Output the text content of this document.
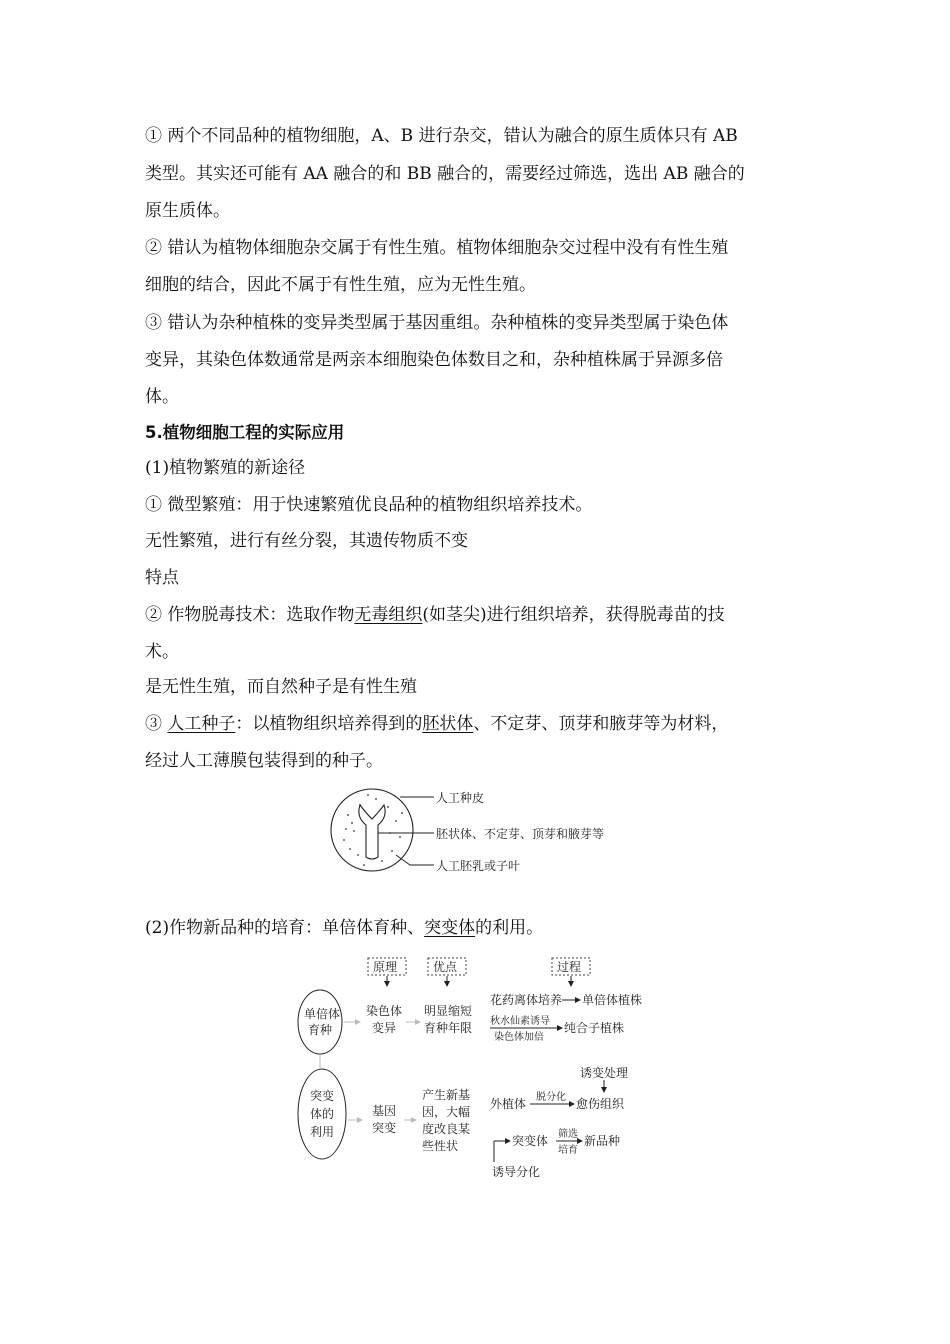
① 两个不同品种的植物细胞，A、B 进行杂交，错认为融合的原生质体只有 AB
类型。其实还可能有 AA 融合的和 BB 融合的，需要经过筛选，选出 AB 融合的
原生质体。
② 错认为植物体细胞杂交属于有性生殖。植物体细胞杂交过程中没有有性生殖
细胞的结合，因此不属于有性生殖，应为无性生殖。
③ 错认为杂种植株的变异类型属于基因重组。杂种植株的变异类型属于染色体
变异，其染色体数通常是两亲本细胞染色体数目之和，杂种植株属于异源多倍
体。
5.植物细胞工程的实际应用
(1)植物繁殖的新途径
① 微型繁殖：用于快速繁殖优良品种的植物组织培养技术。
无性繁殖，进行有丝分裂，其遗传物质不变
特点
② 作物脱毒技术：选取作物无毒组织(如茎尖)进行组织培养，获得脱毒苗的技
术。
是无性生殖，而自然种子是有性生殖
③ 人工种子：以植物组织培养得到的胚状体、不定芽、顶芽和腋芽等为材料，
经过人工薄膜包装得到的种子。
人工种皮
胚状体、不定芽、顶芽和腋芽等
人工胚乳或子叶
(2)作物新品种的培育：单倍体育种、突变体的利用。
原理	优点	过程
单倍体
育种
染色体
变异
明显缩短
育种年限
花药离体培养 单倍体植株
秋水仙素诱导
染色体加倍
纯合子植株
突变
体的
利用
基因
突变
产生新基
因，大幅
度改良某
些性状
诱变处理
外植体 脱分化 愈伤组织
突变体 筛选
培育
新品种
诱导分化
